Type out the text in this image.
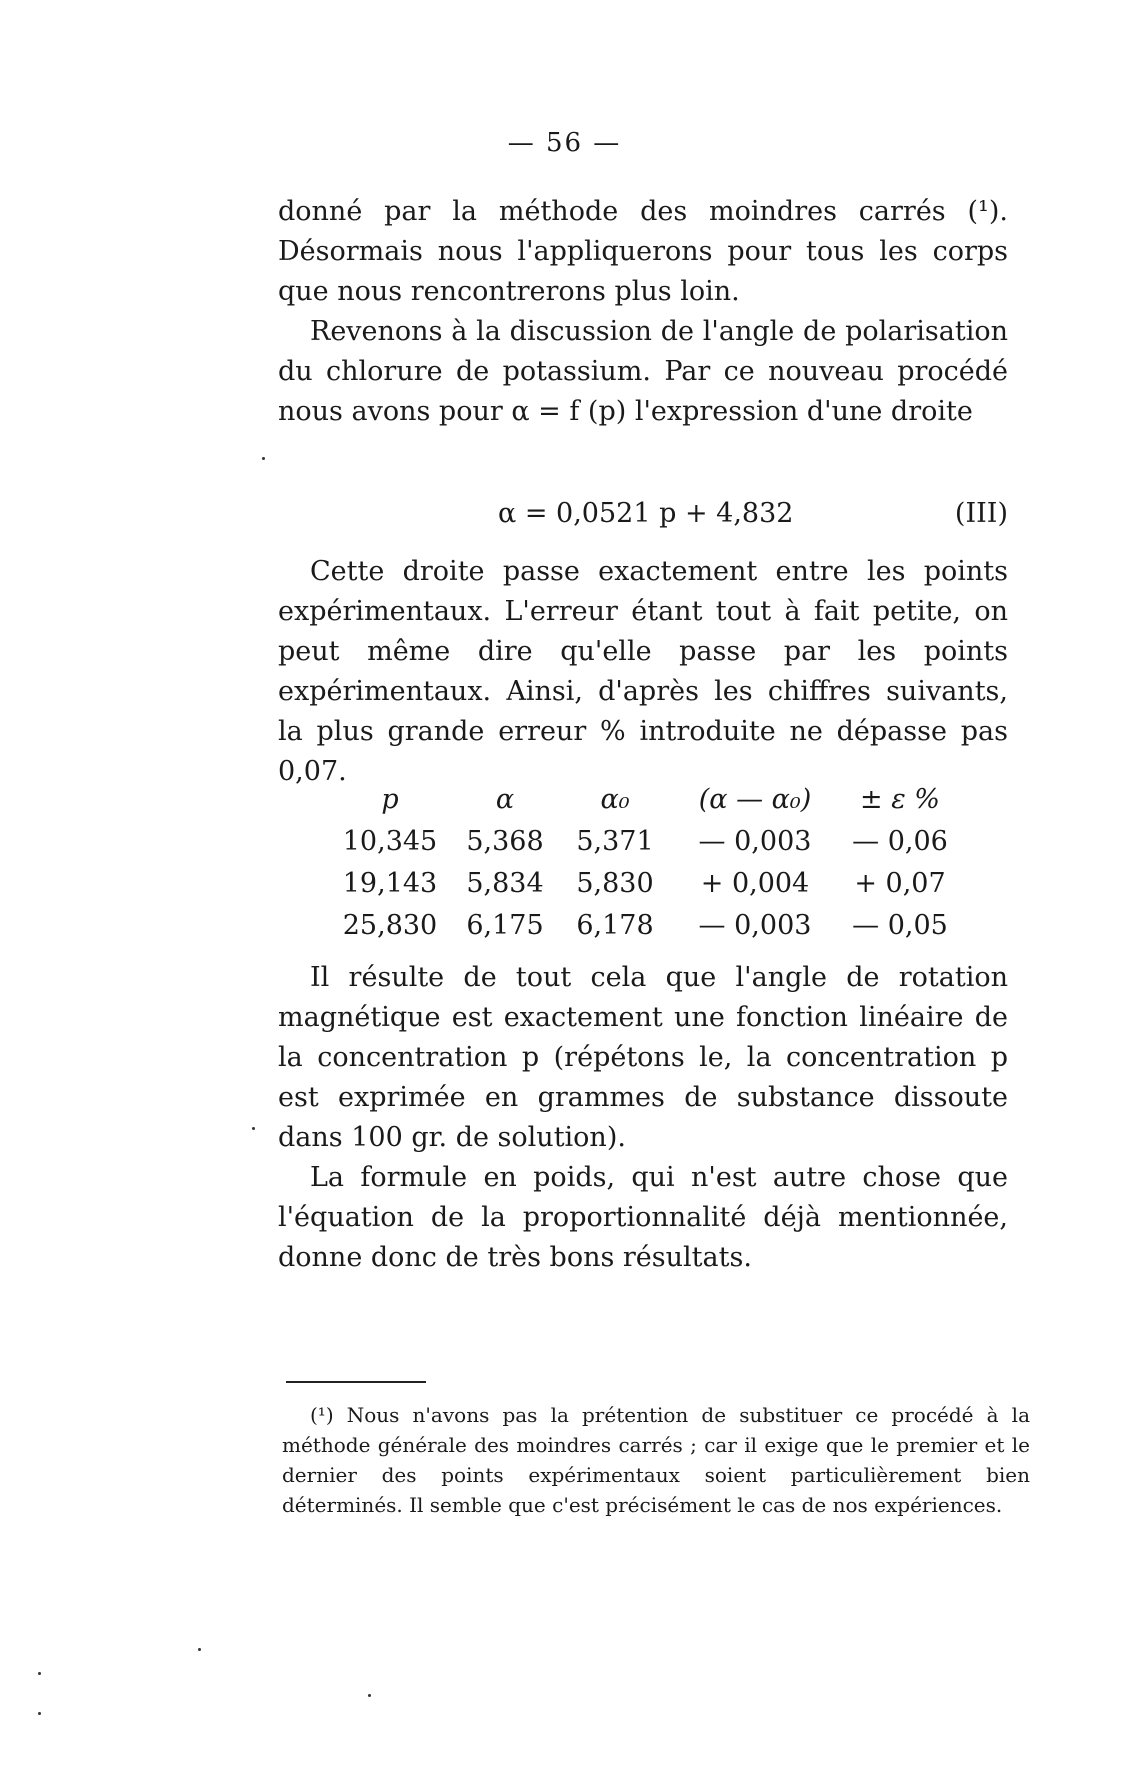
— 56 —

donné par la méthode des moindres carrés (¹). Désormais nous l'appliquerons pour tous les corps que nous rencontrerons plus loin.

Revenons à la discussion de l'angle de polarisation du chlorure de potassium. Par ce nouveau procédé nous avons pour α = f (p) l'expression d'une droite

α = 0,0521 p + 4,832	(III)

Cette droite passe exactement entre les points expérimentaux. L'erreur étant tout à fait petite, on peut même dire qu'elle passe par les points expérimentaux. Ainsi, d'après les chiffres suivants, la plus grande erreur % introduite ne dépasse pas 0,07.

p	α	α₀	(α — α₀)	± ε %
10,345	5,368	5,371	— 0,003	— 0,06
19,143	5,834	5,830	+ 0,004	+ 0,07
25,830	6,175	6,178	— 0,003	— 0,05

Il résulte de tout cela que l'angle de rotation magnétique est exactement une fonction linéaire de la concentration p (répétons le, la concentration p est exprimée en grammes de substance dissoute dans 100 gr. de solution).

La formule en poids, qui n'est autre chose que l'équation de la proportionnalité déjà mentionnée, donne donc de très bons résultats.

(¹) Nous n'avons pas la prétention de substituer ce procédé à la méthode générale des moindres carrés ; car il exige que le premier et le dernier des points expérimentaux soient particulièrement bien déterminés. Il semble que c'est précisément le cas de nos expériences.
